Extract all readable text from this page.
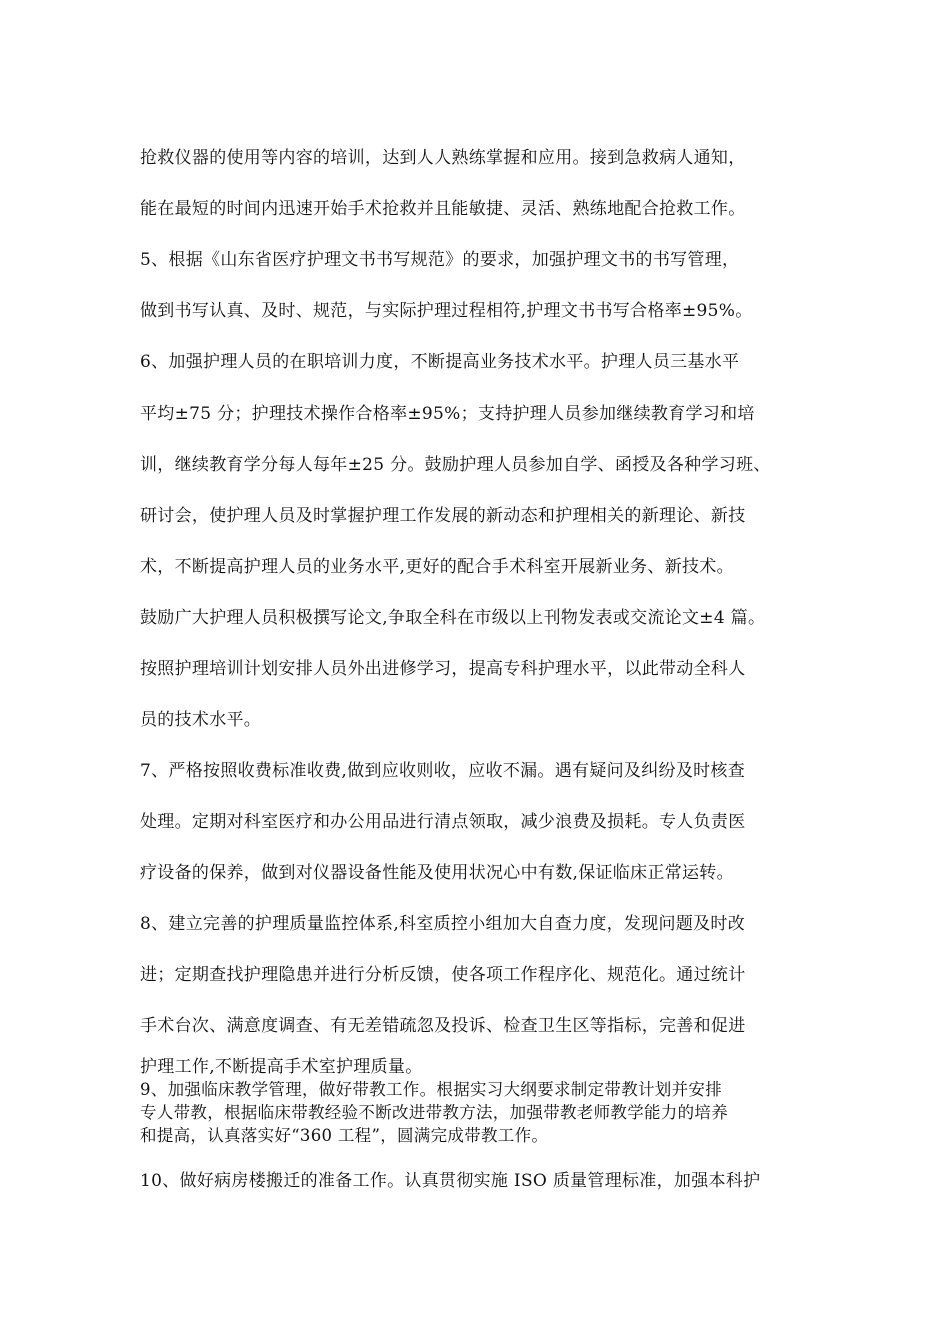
抢救仪器的使用等内容的培训，达到人人熟练掌握和应用。接到急救病人通知，
能在最短的时间内迅速开始手术抢救并且能敏捷、灵活、熟练地配合抢救工作。
5、根据《山东省医疗护理文书书写规范》的要求，加强护理文书的书写管理，
做到书写认真、及时、规范，与实际护理过程相符,护理文书书写合格率±95%。
6、加强护理人员的在职培训力度，不断提高业务技术水平。护理人员三基水平
平均±75 分；护理技术操作合格率±95%；支持护理人员参加继续教育学习和培
训，继续教育学分每人每年±25 分。鼓励护理人员参加自学、函授及各种学习班、
研讨会，使护理人员及时掌握护理工作发展的新动态和护理相关的新理论、新技
术，不断提高护理人员的业务水平,更好的配合手术科室开展新业务、新技术。
鼓励广大护理人员积极撰写论文,争取全科在市级以上刊物发表或交流论文±4 篇。
按照护理培训计划安排人员外出进修学习，提高专科护理水平，以此带动全科人
员的技术水平。
7、严格按照收费标准收费,做到应收则收，应收不漏。遇有疑问及纠纷及时核查
处理。定期对科室医疗和办公用品进行清点领取，减少浪费及损耗。专人负责医
疗设备的保养，做到对仪器设备性能及使用状况心中有数,保证临床正常运转。
8、建立完善的护理质量监控体系,科室质控小组加大自查力度，发现问题及时改
进；定期查找护理隐患并进行分析反馈，使各项工作程序化、规范化。通过统计
手术台次、满意度调查、有无差错疏忽及投诉、检查卫生区等指标，完善和促进
护理工作,不断提高手术室护理质量。
9、加强临床教学管理，做好带教工作。根据实习大纲要求制定带教计划并安排
专人带教，根据临床带教经验不断改进带教方法，加强带教老师教学能力的培养
和提高，认真落实好“360 工程”，圆满完成带教工作。
10、做好病房楼搬迁的准备工作。认真贯彻实施 ISO 质量管理标准，加强本科护
